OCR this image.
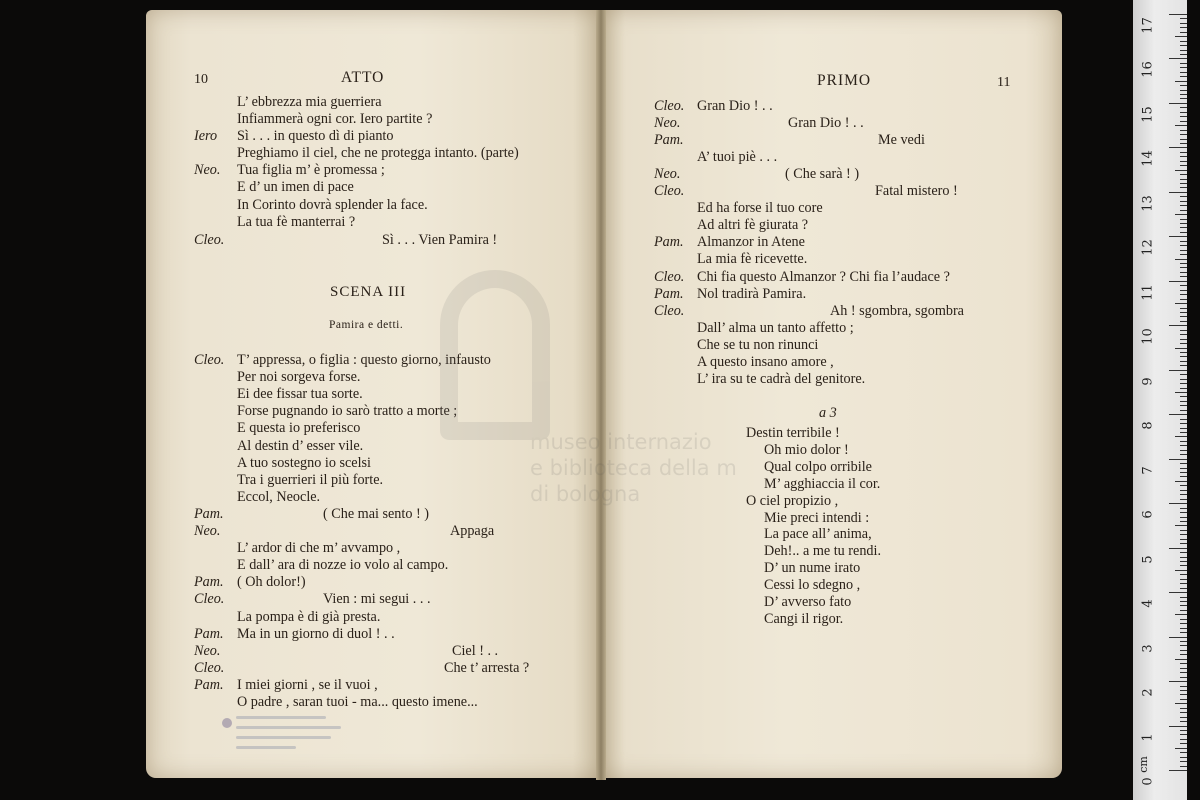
10	ATTO	PRIMO	11
SCENA III
Pamira e detti.
a 3
L’ ebbrezza mia guerriera
Infiammerà ogni cor. Iero partite ?
Iero Sì . . . in questo dì di pianto
Preghiamo il ciel, che ne protegga intanto. (parte)
Neo. Tua figlia m’ è promessa ;
E d’ un imen di pace
In Corinto dovrà splender la face.
La tua fè manterrai ?
Cleo.	Sì . . . Vien Pamira !
Cleo. T’ appressa, o figlia : questo giorno, infausto
Per noi sorgeva forse.
Ei dee fissar tua sorte.
Forse pugnando io sarò tratto a morte ;
E questa io preferisco
Al destin d’ esser vile.
A tuo sostegno io scelsi
Tra i guerrieri il più forte.
Eccol, Neocle.
Pam.	( Che mai sento ! )
Neo.	Appaga
L’ ardor di che m’ avvampo ,
E dall’ ara di nozze io volo al campo.
Pam. ( Oh dolor!)
Cleo.	Vien : mi segui . . .
La pompa è di già presta.
Pam. Ma in un giorno di duol ! . .
Neo.	Ciel ! . .
Cleo.	Che t’ arresta ?
Pam. I miei giorni , se il vuoi ,
O padre , saran tuoi - ma... questo imene...
Cleo. Gran Dio ! . .
Neo.	Gran Dio ! . .
Pam.	Me vedi
A’ tuoi piè . . .
Neo.	( Che sarà ! )
Cleo.	Fatal mistero !
Ed ha forse il tuo core
Ad altri fè giurata ?
Pam. Almanzor in Atene
La mia fè ricevette.
Cleo. Chi fia questo Almanzor ? Chi fia l’audace ?
Pam. Nol tradirà Pamira.
Cleo.	Ah ! sgombra, sgombra
Dall’ alma un tanto affetto ;
Che se tu non rinunci
A questo insano amore ,
L’ ira su te cadrà del genitore.
Destin terribile !
Oh mio dolor !
Qual colpo orribile
M’ agghiaccia il cor.
O ciel propizio ,
Mie preci intendi :
La pace all’ anima,
Deh!.. a me tu rendi.
D’ un nume irato
Cessi lo sdegno ,
D’ avverso fato
Cangi il rigor.
17
16
15
14
13
12
11
10
9
8
7
6
5
4
3
2
1
0
cm
